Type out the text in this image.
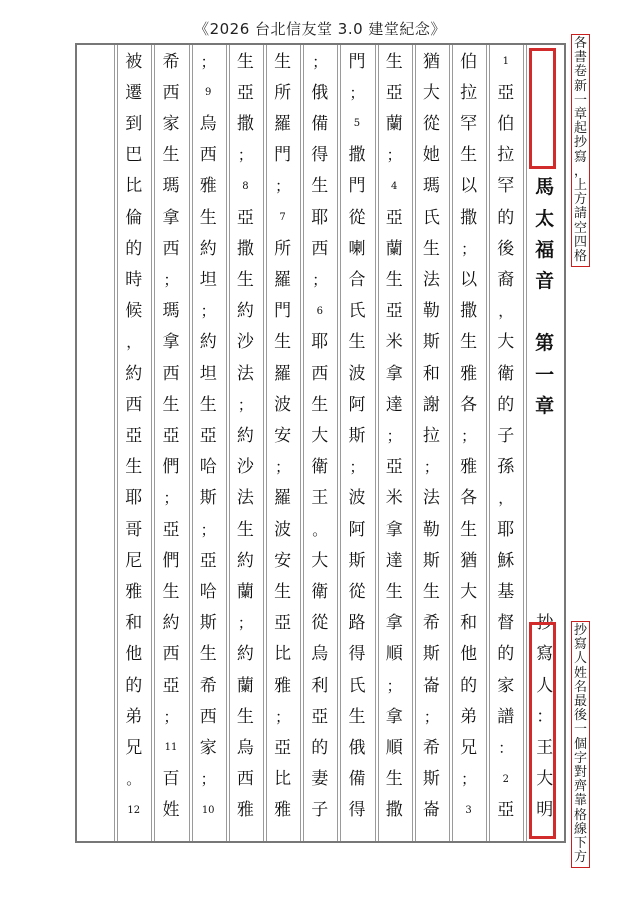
《2026 台北信友堂 3.0 建堂紀念》
1
亞
伯
拉
罕
的
後
裔
，
大
衛
的
子
孫
，
耶
穌
基
督
的
家
譜
：
2
亞
伯
拉
罕
生
以
撒
；
以
撒
生
雅
各
；
雅
各
生
猶
大
和
他
的
弟
兄
；
3
猶
大
從
她
瑪
氏
生
法
勒
斯
和
謝
拉
；
法
勒
斯
生
希
斯
崙
；
希
斯
崙
生
亞
蘭
；
4
亞
蘭
生
亞
米
拿
達
；
亞
米
拿
達
生
拿
順
；
拿
順
生
撒
門
；
5
撒
門
從
喇
合
氏
生
波
阿
斯
；
波
阿
斯
從
路
得
氏
生
俄
備
得
；
俄
備
得
生
耶
西
；
6
耶
西
生
大
衛
王
。
大
衛
從
烏
利
亞
的
妻
子
生
所
羅
門
；
7
所
羅
門
生
羅
波
安
；
羅
波
安
生
亞
比
雅
；
亞
比
雅
生
亞
撒
；
8
亞
撒
生
約
沙
法
；
約
沙
法
生
約
蘭
；
約
蘭
生
烏
西
雅
；
9
烏
西
雅
生
約
坦
；
約
坦
生
亞
哈
斯
；
亞
哈
斯
生
希
西
家
；
10
希
西
家
生
瑪
拿
西
；
瑪
拿
西
生
亞
們
；
亞
們
生
約
西
亞
；
11
百
姓
被
遷
到
巴
比
倫
的
時
候
，
約
西
亞
生
耶
哥
尼
雅
和
他
的
弟
兄
。
12
馬
太
福
音
第
一
章
抄
寫
人
：
王
大
明
各
書
卷
新
一
章
起
抄
寫
，
上
方
請
空
四
格
抄
寫
人
姓
名
最
後
一
個
字
對
齊
靠
格
線
下
方
